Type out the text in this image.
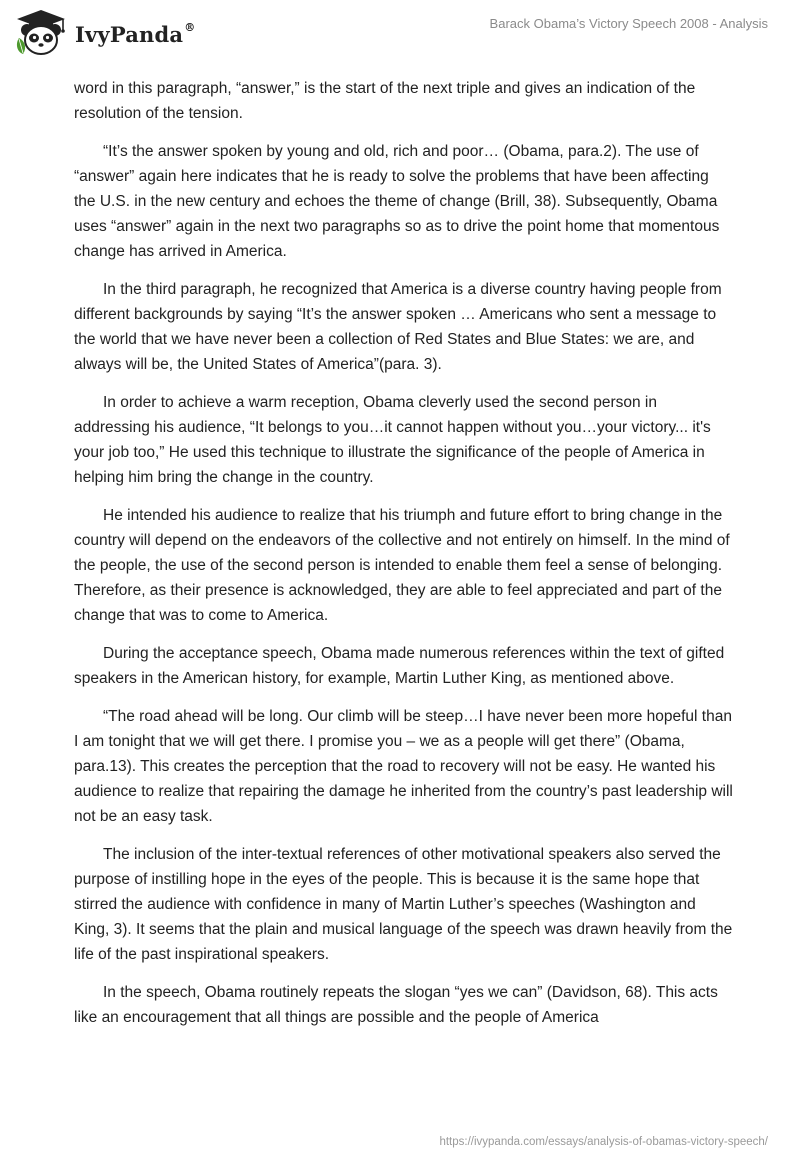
IvyPanda®	Barack Obama’s Victory Speech 2008 - Analysis

word in this paragraph, “answer,” is the start of the next triple and gives an indication of the resolution of the tension.

“It’s the answer spoken by young and old, rich and poor… (Obama, para.2). The use of “answer” again here indicates that he is ready to solve the problems that have been affecting the U.S. in the new century and echoes the theme of change (Brill, 38). Subsequently, Obama uses “answer” again in the next two paragraphs so as to drive the point home that momentous change has arrived in America.

In the third paragraph, he recognized that America is a diverse country having people from different backgrounds by saying “It’s the answer spoken … Americans who sent a message to the world that we have never been a collection of Red States and Blue States: we are, and always will be, the United States of America”(para. 3).

In order to achieve a warm reception, Obama cleverly used the second person in addressing his audience, “It belongs to you…it cannot happen without you…your victory... it's your job too,” He used this technique to illustrate the significance of the people of America in helping him bring the change in the country.

He intended his audience to realize that his triumph and future effort to bring change in the country will depend on the endeavors of the collective and not entirely on himself. In the mind of the people, the use of the second person is intended to enable them feel a sense of belonging. Therefore, as their presence is acknowledged, they are able to feel appreciated and part of the change that was to come to America.

During the acceptance speech, Obama made numerous references within the text of gifted speakers in the American history, for example, Martin Luther King, as mentioned above.

“The road ahead will be long. Our climb will be steep…I have never been more hopeful than I am tonight that we will get there. I promise you – we as a people will get there” (Obama, para.13). This creates the perception that the road to recovery will not be easy. He wanted his audience to realize that repairing the damage he inherited from the country’s past leadership will not be an easy task.

The inclusion of the inter-textual references of other motivational speakers also served the purpose of instilling hope in the eyes of the people. This is because it is the same hope that stirred the audience with confidence in many of Martin Luther’s speeches (Washington and King, 3). It seems that the plain and musical language of the speech was drawn heavily from the life of the past inspirational speakers.

In the speech, Obama routinely repeats the slogan “yes we can” (Davidson, 68). This acts like an encouragement that all things are possible and the people of America

https://ivypanda.com/essays/analysis-of-obamas-victory-speech/
